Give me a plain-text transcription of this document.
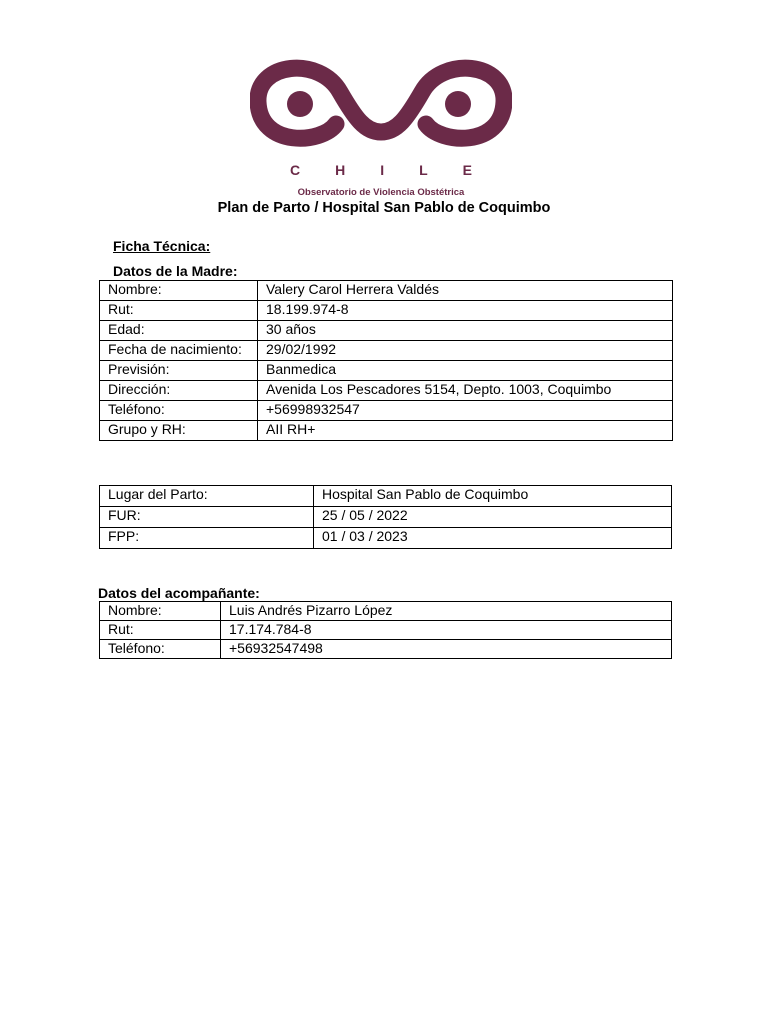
CHILE
Observatorio de Violencia Obstétrica
Plan de Parto / Hospital San Pablo de Coquimbo
Ficha Técnica:
Datos de la Madre:
Nombre:	Valery Carol Herrera Valdés
Rut:	18.199.974-8
Edad:	30 años
Fecha de nacimiento:	29/02/1992
Previsión:	Banmedica
Dirección:	Avenida Los Pescadores 5154, Depto. 1003, Coquimbo
Teléfono:	+56998932547
Grupo y RH:	AII RH+
Lugar del Parto:	Hospital San Pablo de Coquimbo
FUR:	25 / 05 / 2022
FPP:	01 / 03 / 2023
Datos del acompañante:
Nombre:	Luis Andrés Pizarro López
Rut:	17.174.784-8
Teléfono:	+56932547498
